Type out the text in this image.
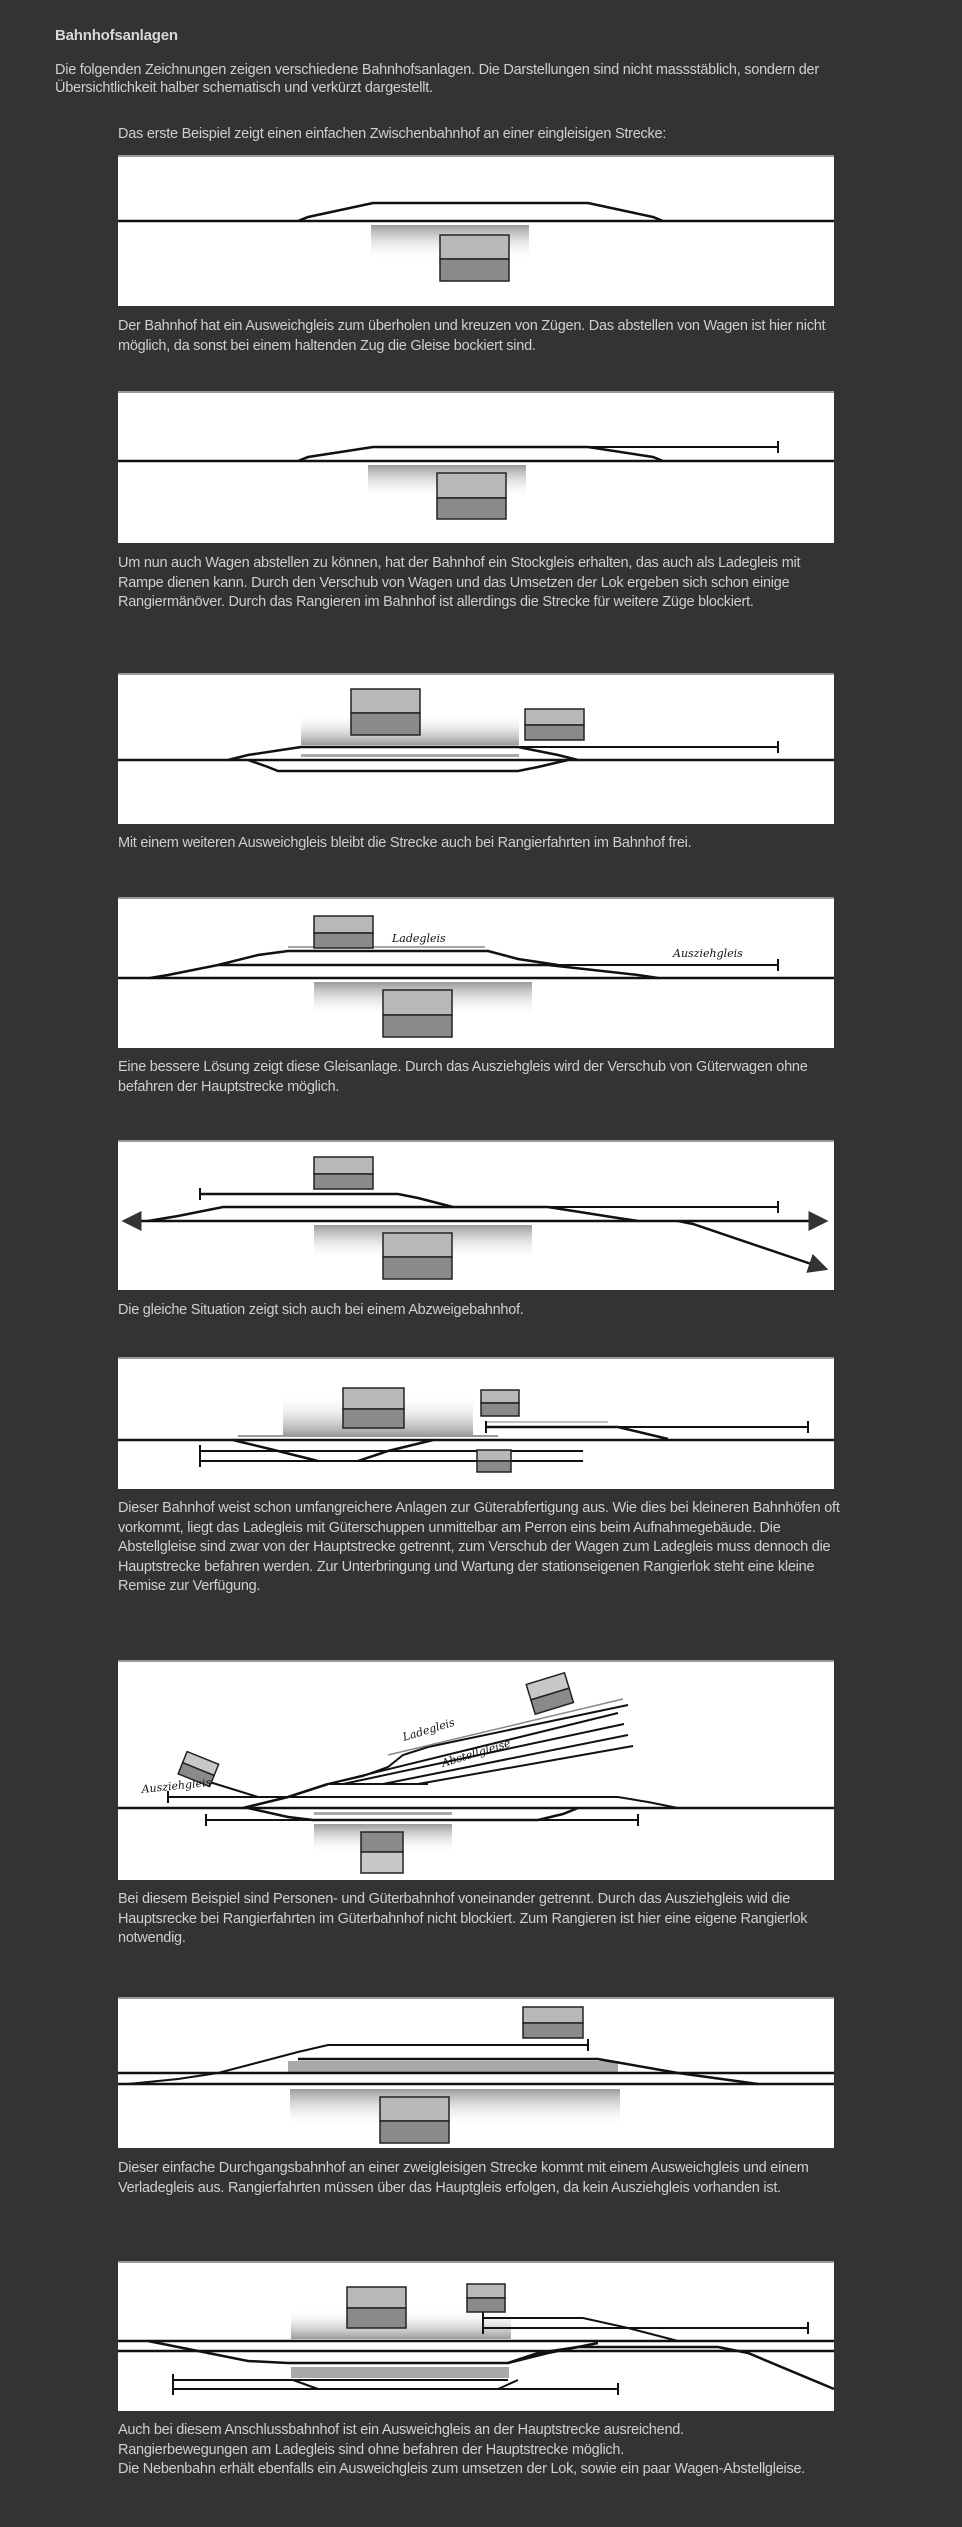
Bahnhofsanlagen
Die folgenden Zeichnungen zeigen verschiedene Bahnhofsanlagen. Die Darstellungen sind nicht massstäblich, sondern der Übersichtlichkeit halber schematisch und verkürzt dargestellt.
Das erste Beispiel zeigt einen einfachen Zwischenbahnhof an einer eingleisigen Strecke:
Der Bahnhof hat ein Ausweichgleis zum überholen und kreuzen von Zügen. Das abstellen von Wagen ist hier nicht möglich, da sonst bei einem haltenden Zug die Gleise bockiert sind.
Um nun auch Wagen abstellen zu können, hat der Bahnhof ein Stockgleis erhalten, das auch als Ladegleis mit Rampe dienen kann. Durch den Verschub von Wagen und das Umsetzen der Lok ergeben sich schon einige Rangiermänöver. Durch das Rangieren im Bahnhof ist allerdings die Strecke für weitere Züge blockiert.
Mit einem weiteren Ausweichgleis bleibt die Strecke auch bei Rangierfahrten im Bahnhof frei.
Ladegleis
Ausziehgleis
Eine bessere Lösung zeigt diese Gleisanlage. Durch das Ausziehgleis wird der Verschub von Güterwagen ohne befahren der Hauptstrecke möglich.
Die gleiche Situation zeigt sich auch bei einem Abzweigebahnhof.
Dieser Bahnhof weist schon umfangreichere Anlagen zur Güterabfertigung aus. Wie dies bei kleineren Bahnhöfen oft vorkommt, liegt das Ladegleis mit Güterschuppen unmittelbar am Perron eins beim Aufnahmegebäude. Die Abstellgleise sind zwar von der Hauptstrecke getrennt, zum Verschub der Wagen zum Ladegleis muss dennoch die Hauptstrecke befahren werden. Zur Unterbringung und Wartung der stationseigenen Rangierlok steht eine kleine Remise zur Verfügung.
Ausziehgleis
Ladegleis
Abstellgleise
Bei diesem Beispiel sind Personen- und Güterbahnhof voneinander getrennt. Durch das Ausziehgleis wid die Hauptsrecke bei Rangierfahrten im Güterbahnhof nicht blockiert. Zum Rangieren ist hier eine eigene Rangierlok notwendig.
Dieser einfache Durchgangsbahnhof an einer zweigleisigen Strecke kommt mit einem Ausweichgleis und einem Verladegleis aus. Rangierfahrten müssen über das Hauptgleis erfolgen, da kein Ausziehgleis vorhanden ist.
Auch bei diesem Anschlussbahnhof ist ein Ausweichgleis an der Hauptstrecke ausreichend.
Rangierbewegungen am Ladegleis sind ohne befahren der Hauptstrecke möglich.
Die Nebenbahn erhält ebenfalls ein Ausweichgleis zum umsetzen der Lok, sowie ein paar Wagen-Abstellgleise.
